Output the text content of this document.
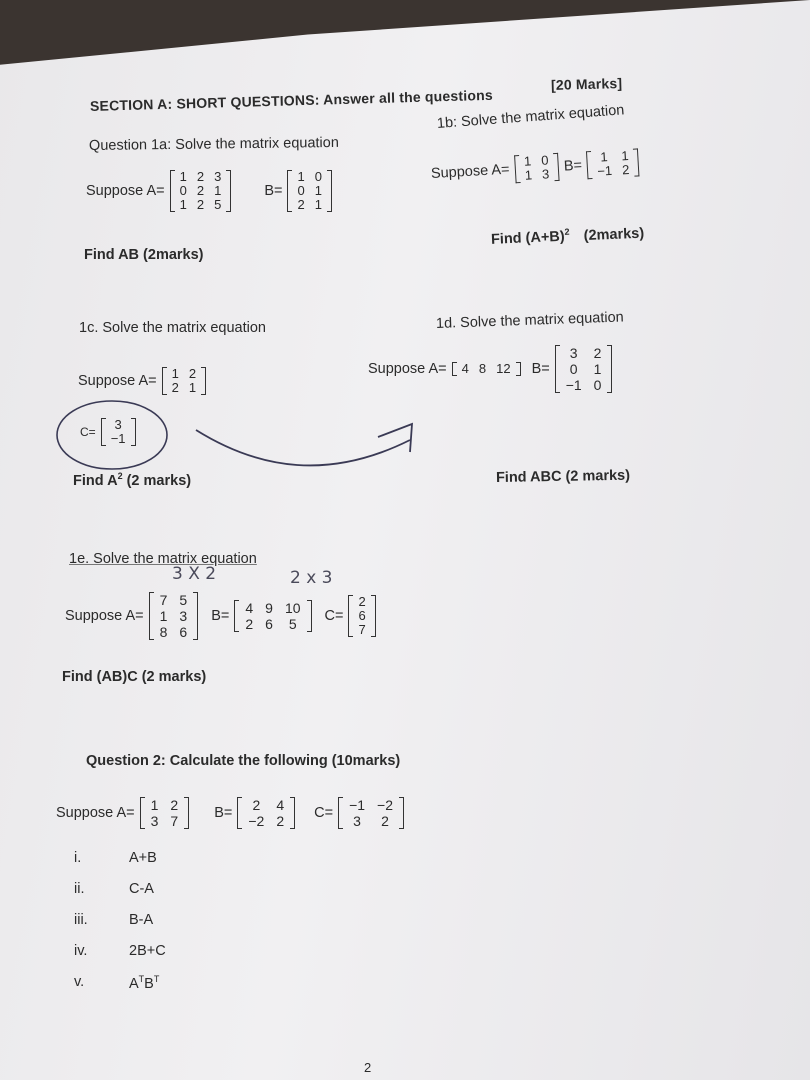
SECTION A: SHORT QUESTIONS: Answer all the questions
[20 Marks]
Question 1a: Solve the matrix equation
Suppose A=
1	2	3
0	2	1
1	2	5
B=
1	0
0	1
2	1
Find AB (2marks)
1b: Solve the matrix equation
Suppose A=
1	0
1	3 B=
1	1
−1	2
Find $(A+B)^2$ (2marks)
1c. Solve the matrix equation
Suppose A= 1	2
2	1
C= 3
−1
Find $A^2$ (2 marks)
1d. Solve the matrix equation
Suppose A= 4	8	12 B=
3	2
0	1
−1	0
Find ABC (2 marks)
1e. Solve the matrix equation
3 X 2	2 x 3
Suppose A=
7	5
1	3
8	6
B= 4	9	10
2	6	5 C=
2
6
7
Find (AB)C (2 marks)
Question 2: Calculate the following (10marks)
Suppose A= 1	2
3	7 B= 2	4
−2	2 C= −1	−2
3	2
i.	A+B
ii.	C-A
iii.	B-A
iv.	2B+C
v.	$A^TB^T$
2
